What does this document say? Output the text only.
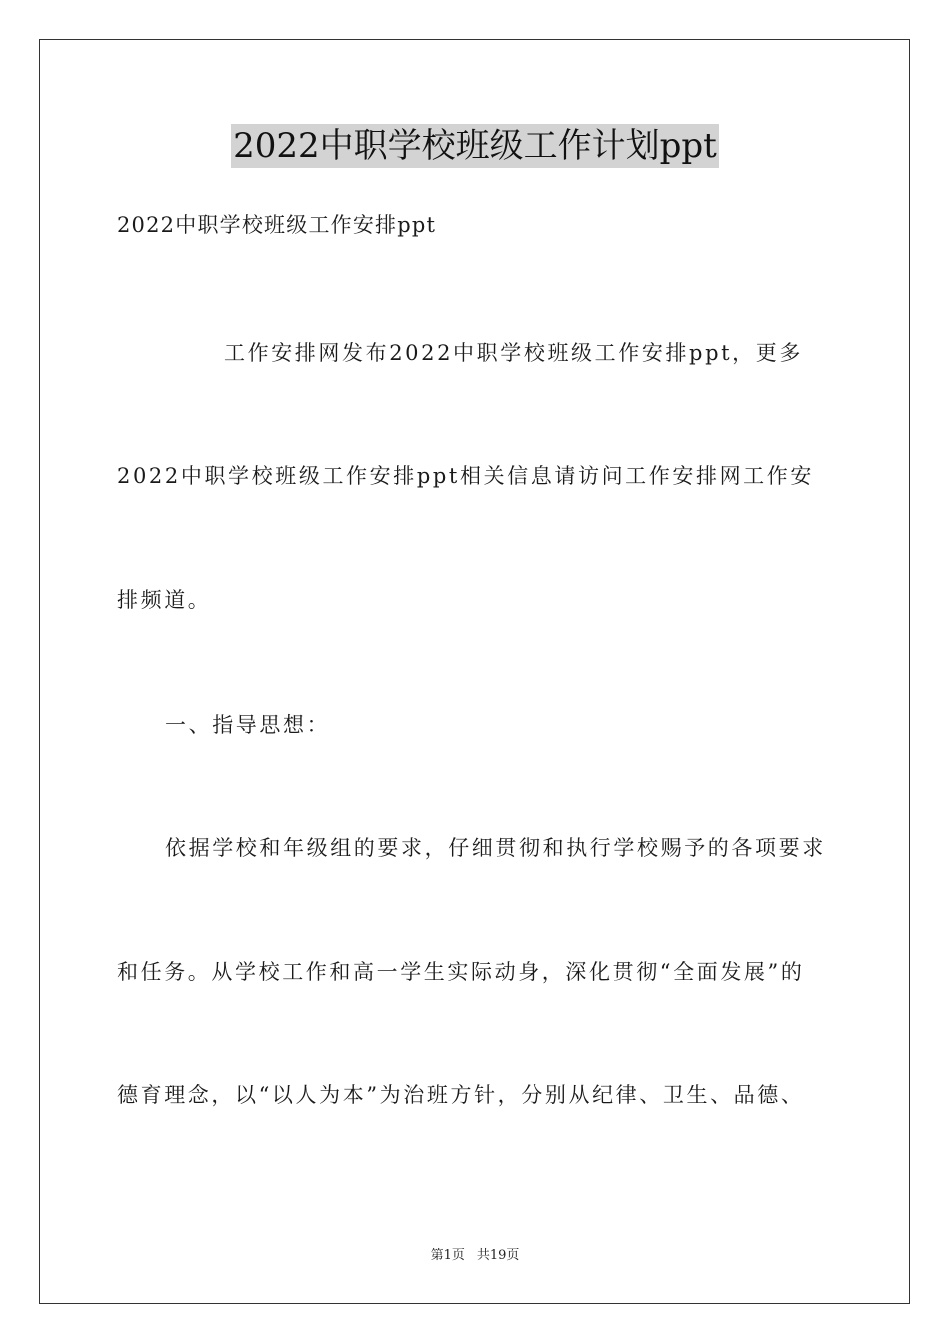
2022中职学校班级工作计划ppt
2022中职学校班级工作安排ppt
工作安排网发布2022中职学校班级工作安排ppt，更多
2022中职学校班级工作安排ppt相关信息请访问工作安排网工作安
排频道。
一、指导思想：
依据学校和年级组的要求，仔细贯彻和执行学校赐予的各项要求
和任务。从学校工作和高一学生实际动身，深化贯彻“全面发展”的
德育理念，以“以人为本”为治班方针，分别从纪律、卫生、品德、
第1页 共19页
